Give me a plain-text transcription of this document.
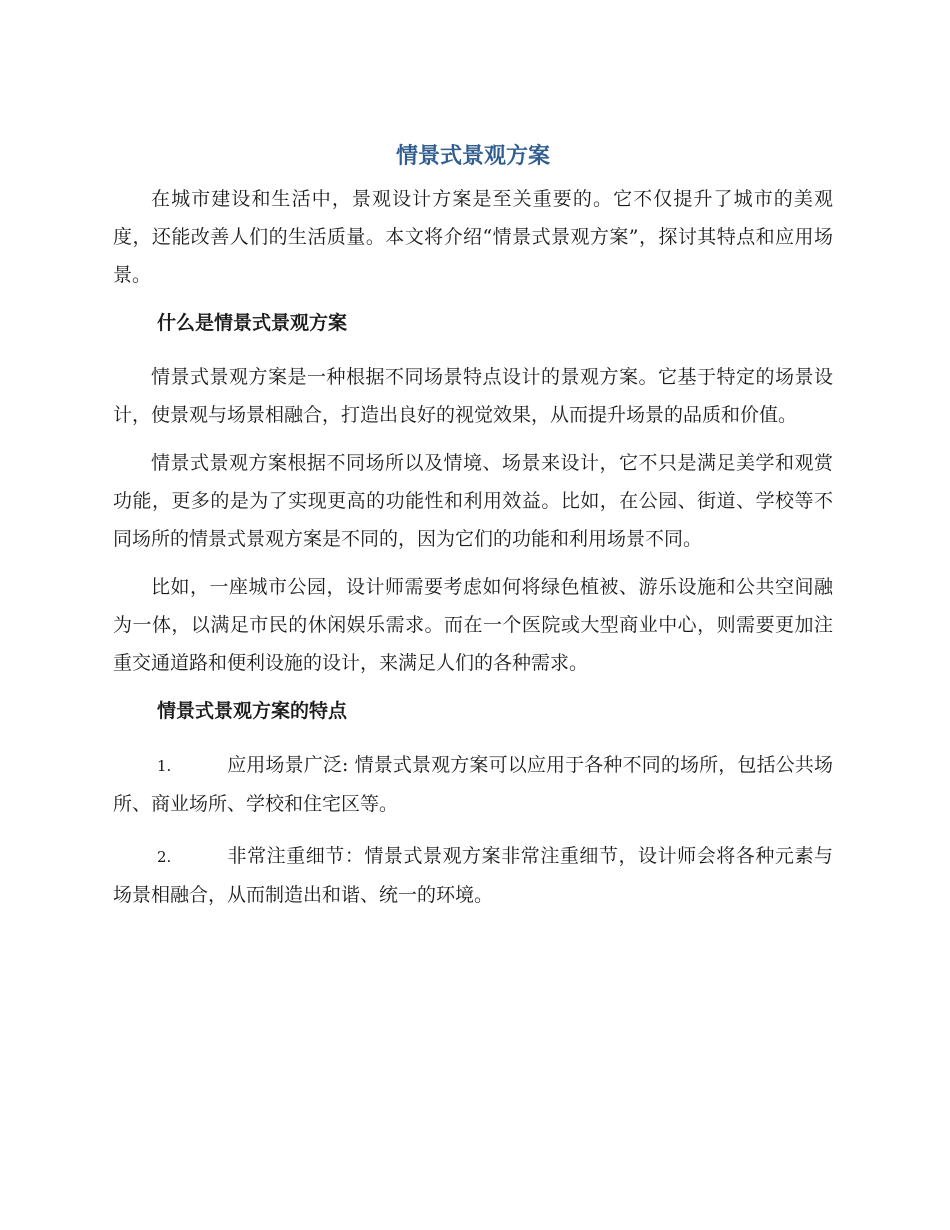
情景式景观方案

在城市建设和生活中，景观设计方案是至关重要的。它不仅提升了城市的美观度，还能改善人们的生活质量。本文将介绍“情景式景观方案”，探讨其特点和应用场景。

什么是情景式景观方案

情景式景观方案是一种根据不同场景特点设计的景观方案。它基于特定的场景设计，使景观与场景相融合，打造出良好的视觉效果，从而提升场景的品质和价值。

情景式景观方案根据不同场所以及情境、场景来设计，它不只是满足美学和观赏功能，更多的是为了实现更高的功能性和利用效益。比如，在公园、街道、学校等不同场所的情景式景观方案是不同的，因为它们的功能和利用场景不同。

比如，一座城市公园，设计师需要考虑如何将绿色植被、游乐设施和公共空间融为一体，以满足市民的休闲娱乐需求。而在一个医院或大型商业中心，则需要更加注重交通道路和便利设施的设计，来满足人们的各种需求。

情景式景观方案的特点
1.	应用场景广泛: 情景式景观方案可以应用于各种不同的场所，包括公共场所、商业场所、学校和住宅区等。
2.	非常注重细节：情景式景观方案非常注重细节，设计师会将各种元素与场景相融合，从而制造出和谐、统一的环境。
